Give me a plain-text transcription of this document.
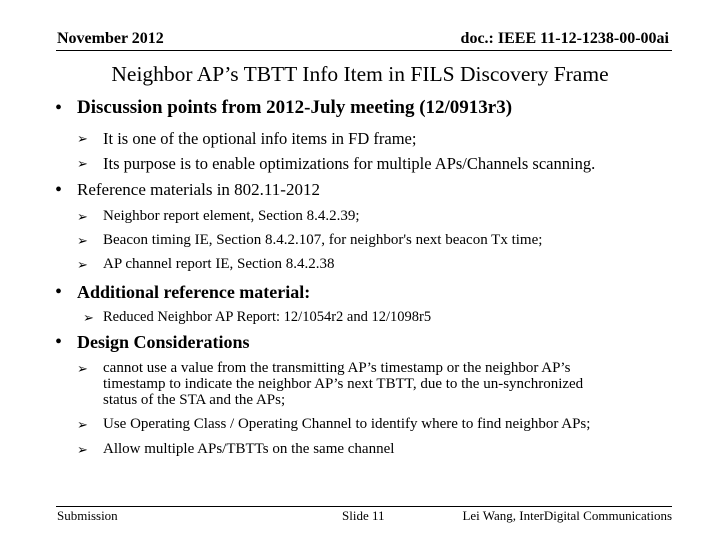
November 2012	doc.: IEEE 11-12-1238-00-00ai
Neighbor AP’s TBTT Info Item in FILS Discovery Frame
• Discussion points from 2012-July meeting (12/0913r3)
➢ It is one of the optional info items in FD frame;
➢ Its purpose is to enable optimizations for multiple APs/Channels scanning.
• Reference materials in 802.11-2012
➢ Neighbor report element, Section 8.4.2.39;
➢ Beacon timing IE, Section 8.4.2.107, for neighbor's next beacon Tx time;
➢ AP channel report IE, Section 8.4.2.38
• Additional reference material:
➢ Reduced Neighbor AP Report: 12/1054r2 and 12/1098r5
• Design Considerations
➢ cannot use a value from the transmitting AP’s timestamp or the neighbor AP’s
timestamp to indicate the neighbor AP’s next TBTT, due to the un-synchronized
status of the STA and the APs;
➢ Use Operating Class / Operating Channel to identify where to find neighbor APs;
➢ Allow multiple APs/TBTTs on the same channel
Submission	Slide 11	Lei Wang, InterDigital Communications
